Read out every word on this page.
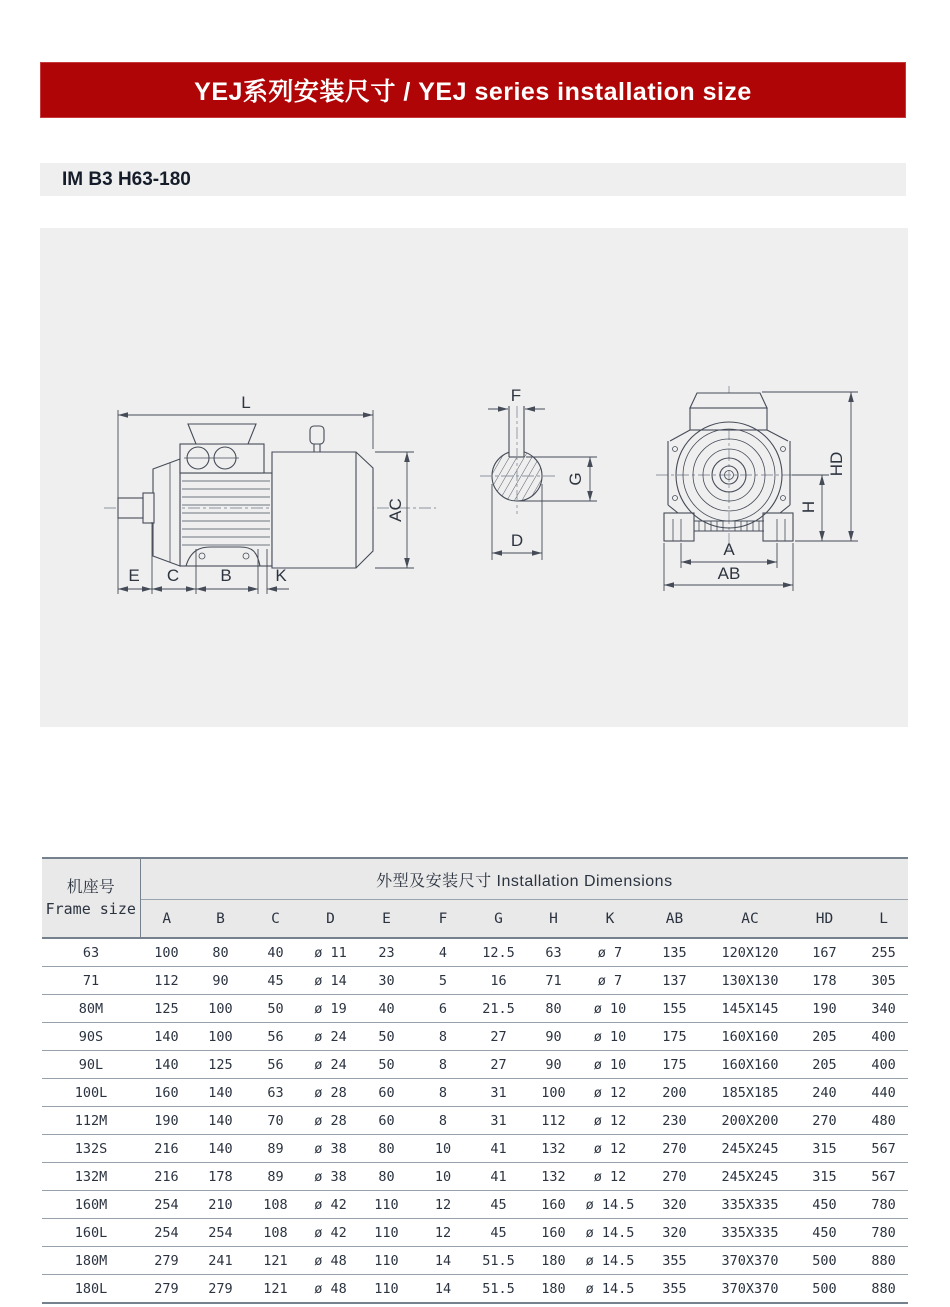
YEJ系列安装尺寸 / YEJ series installation size
IM B3 H63-180
L
AC
E C B	K
F
G
D
HD
H
A
AB
机座号
Frame size	外型及安装尺寸 Installation Dimensions												
	A	B	C	D	E	F	G	H	K	AB	AC	HD	L
63	100	80	40	ø 11	23	4	12.5	63	ø 7	135	120X120	167	255
71	112	90	45	ø 14	30	5	16	71	ø 7	137	130X130	178	305
80M	125	100	50	ø 19	40	6	21.5	80	ø 10	155	145X145	190	340
90S	140	100	56	ø 24	50	8	27	90	ø 10	175	160X160	205	400
90L	140	125	56	ø 24	50	8	27	90	ø 10	175	160X160	205	400
100L	160	140	63	ø 28	60	8	31	100	ø 12	200	185X185	240	440
112M	190	140	70	ø 28	60	8	31	112	ø 12	230	200X200	270	480
132S	216	140	89	ø 38	80	10	41	132	ø 12	270	245X245	315	567
132M	216	178	89	ø 38	80	10	41	132	ø 12	270	245X245	315	567
160M	254	210	108	ø 42	110	12	45	160	ø 14.5	320	335X335	450	780
160L	254	254	108	ø 42	110	12	45	160	ø 14.5	320	335X335	450	780
180M	279	241	121	ø 48	110	14	51.5	180	ø 14.5	355	370X370	500	880
180L	279	279	121	ø 48	110	14	51.5	180	ø 14.5	355	370X370	500	880
